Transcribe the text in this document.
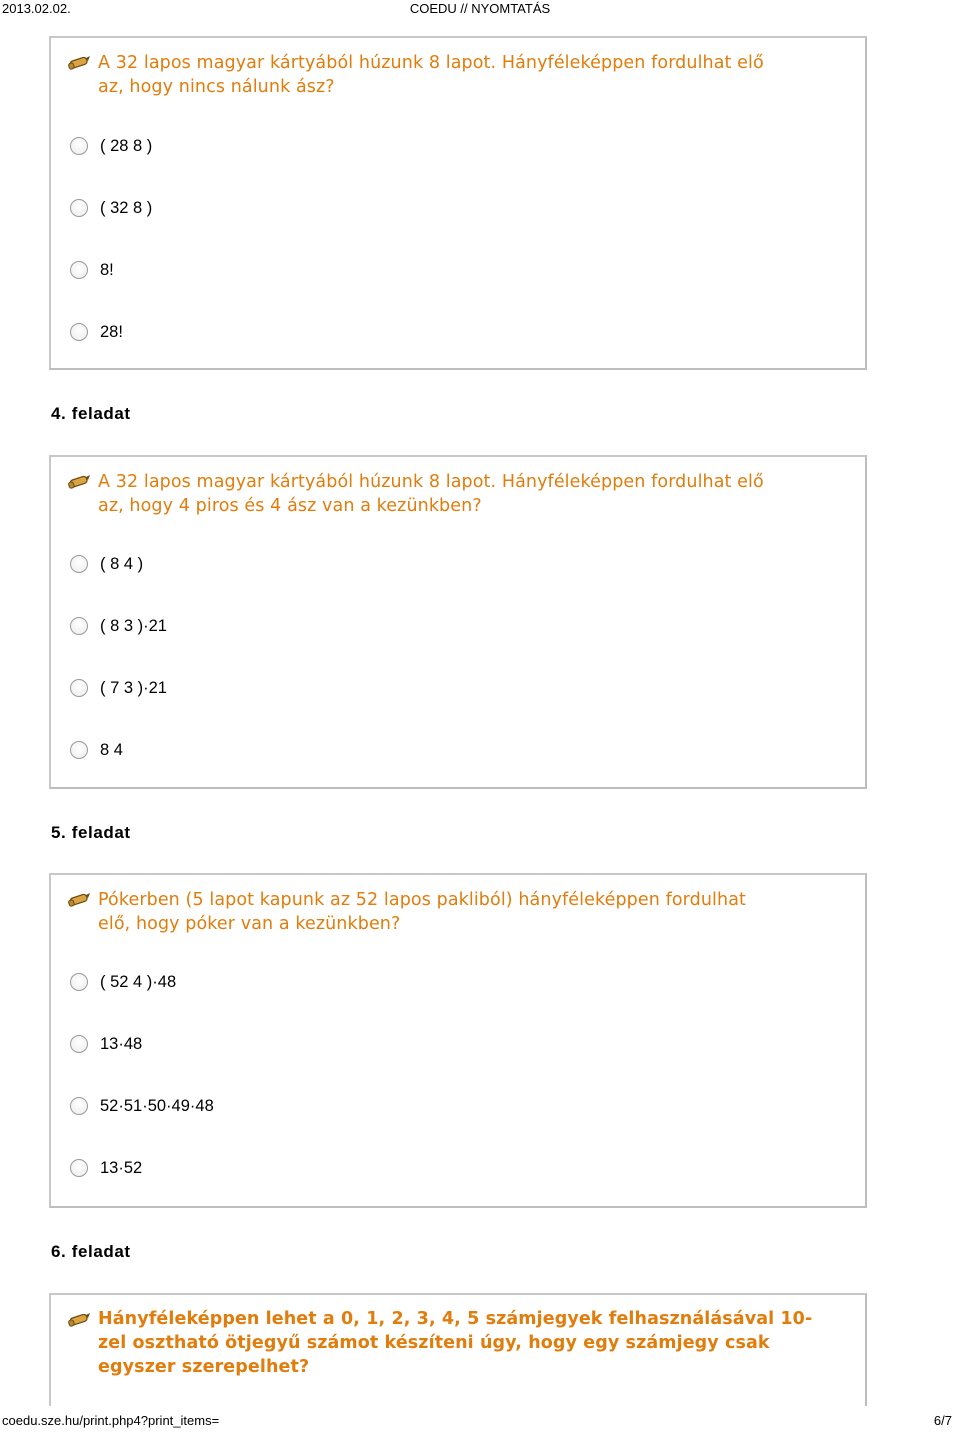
2013.02.02.	COEDU // NYOMTATÁS
A 32 lapos magyar kártyából húzunk 8 lapot. Hányféleképpen fordulhat elő
az, hogy nincs nálunk ász?
( 28 8 )
( 32 8 )
8!
28!
4. feladat
A 32 lapos magyar kártyából húzunk 8 lapot. Hányféleképpen fordulhat elő
az, hogy 4 piros és 4 ász van a kezünkben?
( 8 4 )
( 8 3 )·21
( 7 3 )·21
8 4
5. feladat
Pókerben (5 lapot kapunk az 52 lapos pakliból) hányféleképpen fordulhat
elő, hogy póker van a kezünkben?
( 52 4 )·48
13·48
52·51·50·49·48
13·52
6. feladat
Hányféleképpen lehet a 0, 1, 2, 3, 4, 5 számjegyek felhasználásával 10-
zel osztható ötjegyű számot készíteni úgy, hogy egy számjegy csak
egyszer szerepelhet?
coedu.sze.hu/print.php4?print_items=	6/7
